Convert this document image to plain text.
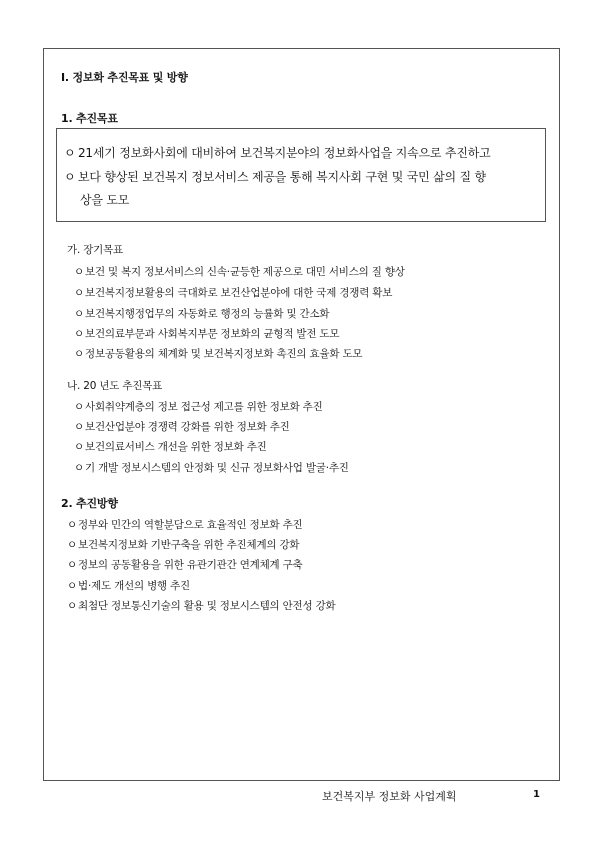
Ⅰ. 정보화 추진목표 및 방향
1. 추진목표
ㅇ 21세기 정보화사회에 대비하여 보건복지분야의 정보화사업을 지속으로 추진하고
ㅇ 보다 향상된 보건복지 정보서비스 제공을 통해 복지사회 구현 및 국민 삶의 질 향
상을 도모
가. 장기목표
ㅇ보건 및 복지 정보서비스의 신속·균등한 제공으로 대민 서비스의 질 향상
ㅇ보건복지정보활용의 극대화로 보건산업분야에 대한 국제 경쟁력 확보
ㅇ보건복지행정업무의 자동화로 행정의 능률화 및 간소화
ㅇ보건의료부문과 사회복지부문 정보화의 균형적 발전 도모
ㅇ정보공동활용의 체계화 및 보건복지정보화 촉진의 효율화 도모
나. 20 년도 추진목표
ㅇ사회취약계층의 정보 접근성 제고를 위한 정보화 추진
ㅇ보건산업분야 경쟁력 강화를 위한 정보화 추진
ㅇ보건의료서비스 개선을 위한 정보화 추진
ㅇ기 개발 정보시스템의 안정화 및 신규 정보화사업 발굴·추진
2. 추진방향
ㅇ정부와 민간의 역할분담으로 효율적인 정보화 추진
ㅇ보건복지정보화 기반구축을 위한 추진체계의 강화
ㅇ정보의 공동활용을 위한 유관기관간 연계체계 구축
ㅇ법·제도 개선의 병행 추진
ㅇ최첨단 정보통신기술의 활용 및 정보시스템의 안전성 강화
보건복지부 정보화 사업계획	1
